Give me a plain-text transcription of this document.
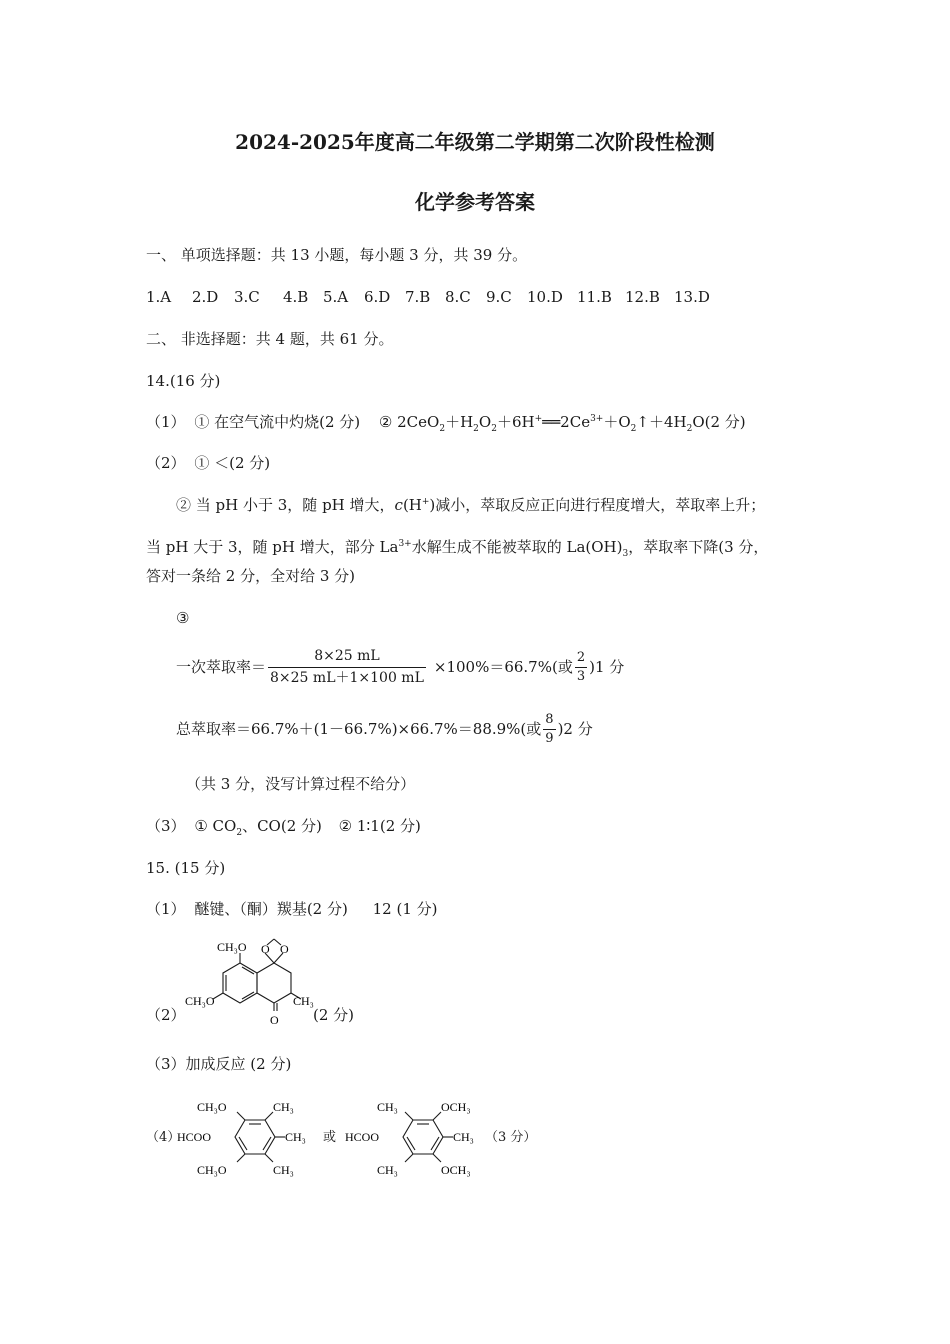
2024-2025年度高二年级第二学期第二次阶段性检测
化学参考答案
一、 单项选择题：共 13 小题，每小题 3 分，共 39 分。
1.A 2.D 3.C 4.B 5.A 6.D 7.B 8.C 9.C 10.D 11.B 12.B 13.D
二、 非选择题：共 4 题，共 61 分。
14.(16 分)
（1） ① 在空气流中灼烧(2 分) ② $2CeO_2+H_2O_2+6H^+══2Ce^{3+}+O_2↑+4H_2O(2$ 分)
（2） ① ＜(2 分)
② 当 pH 小于 3，随 pH 增大，c(H+)减小，萃取反应正向进行程度增大，萃取率上升；
当 pH 大于 3，随 pH 增大，部分 $La^{3+}$水解生成不能被萃取的 $La(OH)_3$，萃取率下降(3 分，
答对一条给 2 分，全对给 3 分)
③
一次萃取率＝ $\frac{8\times 25 mL}{8\times 25 mL+1\times 100 mL} \times 100\%=66.7\%$(或 $\frac{2}{3} )1$ 分
总萃取率＝66.7%＋(1－66.7%)×66.7%＝88.9%(或 $\frac{8}{9} )2$ 分
（共 3 分，没写计算过程不给分）
（3） ① $CO_2$、CO(2 分) ② 1∶1(2 分)
15. (15 分)
（1） 醚键、（酮）羰基(2 分) 12 (1 分)
（2）
CH₃O O O
CH₃O
O
CH₃
(2 分)
（3）加成反应 (2 分)
（4）
CH₃O	CH₃
HCOO	CH₃
CH₃O	CH₃
或
CH₃	OCH₃
HCOO	CH₃
CH₃	OCH₃
（3 分）
